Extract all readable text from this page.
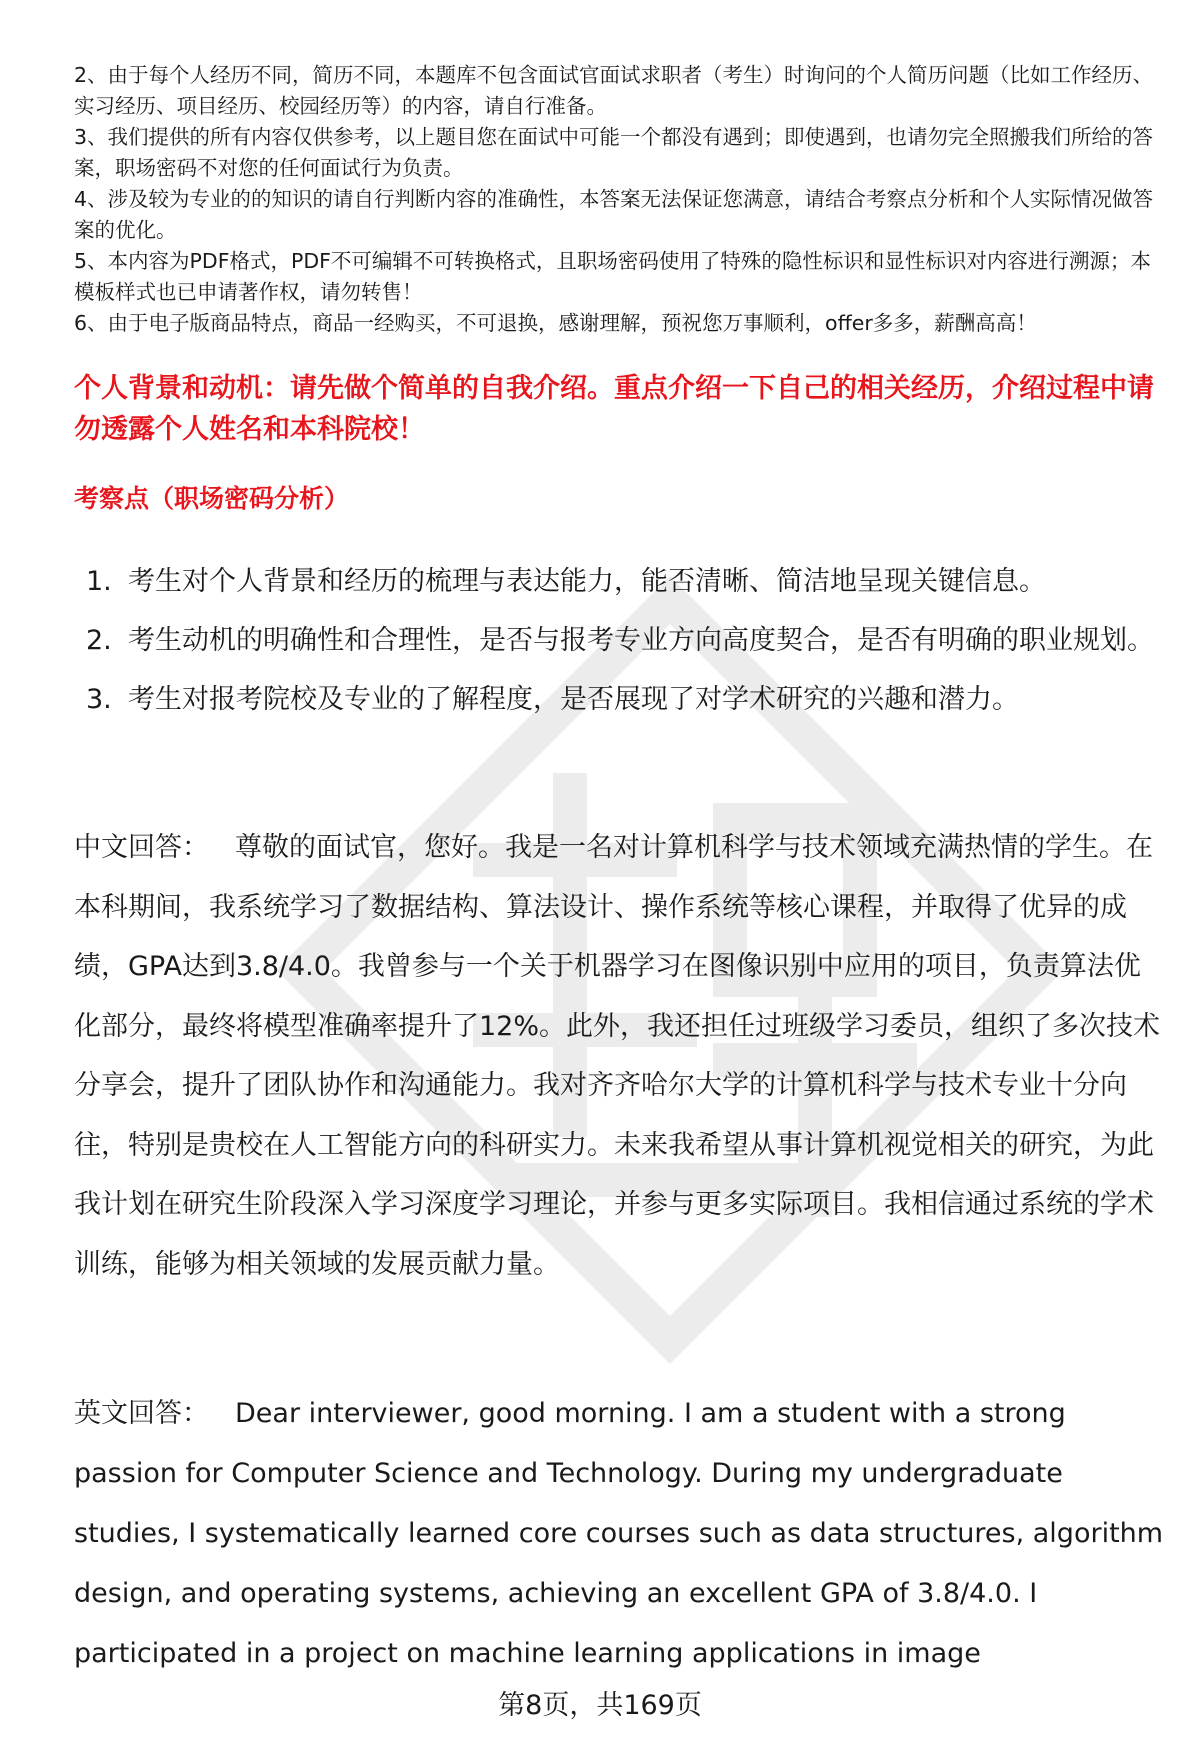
2、由于每个人经历不同，简历不同，本题库不包含面试官面试求职者（考生）时询问的个人简历问题（比如工作经历、实习经历、项目经历、校园经历等）的内容，请自行准备。
3、我们提供的所有内容仅供参考，以上题目您在面试中可能一个都没有遇到；即使遇到，也请勿完全照搬我们所给的答案，职场密码不对您的任何面试行为负责。
4、涉及较为专业的的知识的请自行判断内容的准确性，本答案无法保证您满意，请结合考察点分析和个人实际情况做答案的优化。
5、本内容为PDF格式，PDF不可编辑不可转换格式，且职场密码使用了特殊的隐性标识和显性标识对内容进行溯源；本模板样式也已申请著作权，请勿转售！
6、由于电子版商品特点，商品一经购买，不可退换，感谢理解，预祝您万事顺利，offer多多，薪酬高高！
个人背景和动机：请先做个简单的自我介绍。重点介绍一下自己的相关经历，介绍过程中请勿透露个人姓名和本科院校！
考察点（职场密码分析）
1. 考生对个人背景和经历的梳理与表达能力，能否清晰、简洁地呈现关键信息。
2. 考生动机的明确性和合理性，是否与报考专业方向高度契合，是否有明确的职业规划。
3. 考生对报考院校及专业的了解程度，是否展现了对学术研究的兴趣和潜力。

中文回答： 尊敬的面试官，您好。我是一名对计算机科学与技术领域充满热情的学生。在本科期间，我系统学习了数据结构、算法设计、操作系统等核心课程，并取得了优异的成绩，GPA达到3.8/4.0。我曾参与一个关于机器学习在图像识别中应用的项目，负责算法优化部分，最终将模型准确率提升了12%。此外，我还担任过班级学习委员，组织了多次技术分享会，提升了团队协作和沟通能力。我对齐齐哈尔大学的计算机科学与技术专业十分向往，特别是贵校在人工智能方向的科研实力。未来我希望从事计算机视觉相关的研究，为此我计划在研究生阶段深入学习深度学习理论，并参与更多实际项目。我相信通过系统的学术训练，能够为相关领域的发展贡献力量。

英文回答： Dear interviewer, good morning. I am a student with a strong passion for Computer Science and Technology. During my undergraduate studies, I systematically learned core courses such as data structures, algorithm design, and operating systems, achieving an excellent GPA of 3.8/4.0. I participated in a project on machine learning applications in image

第8页，共169页
